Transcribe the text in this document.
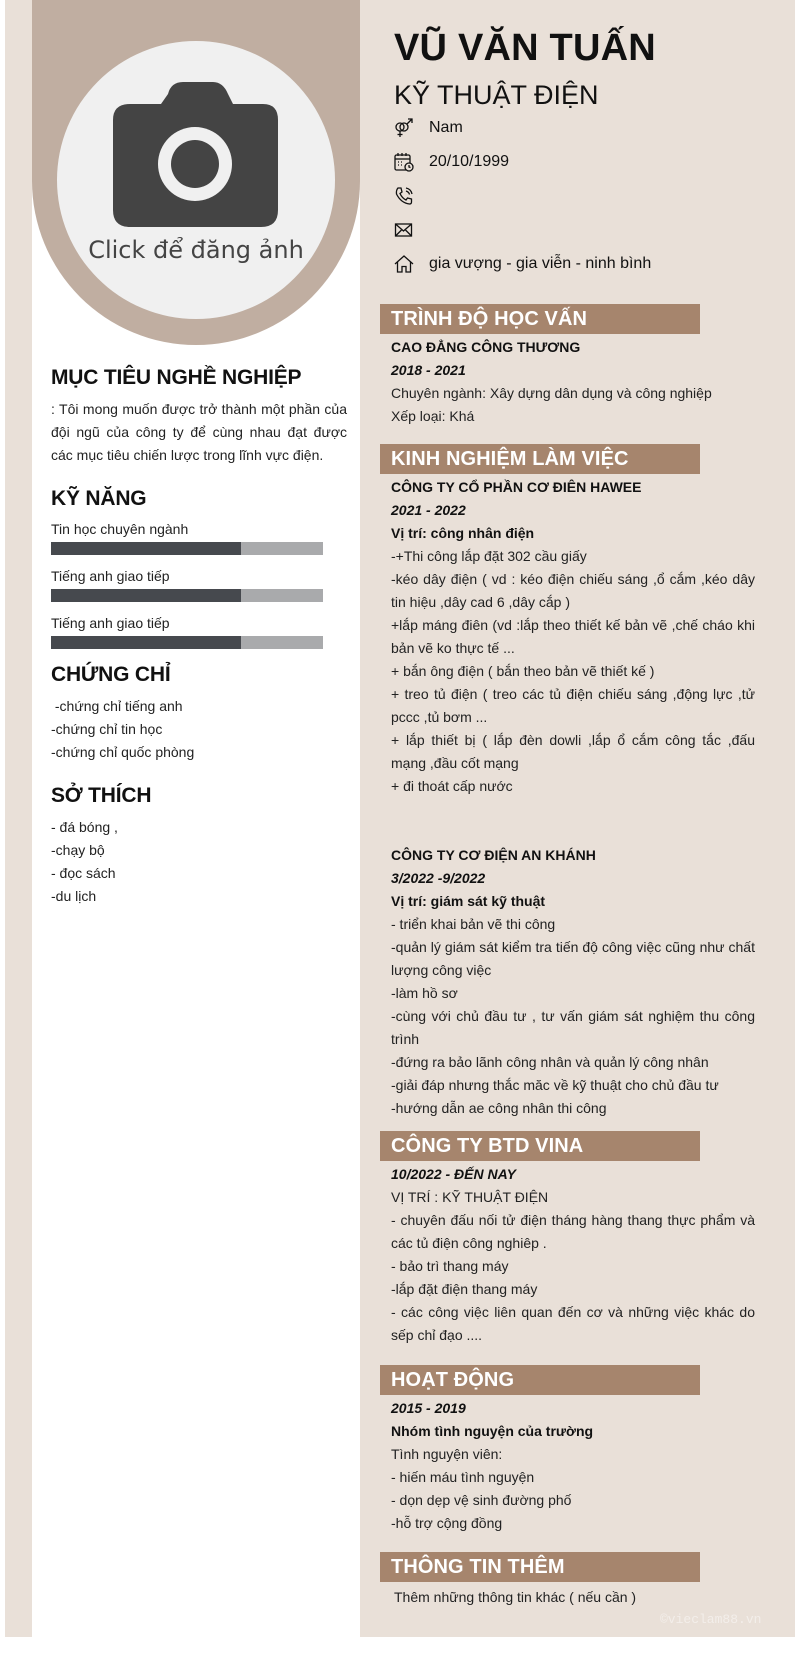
Click để đăng ảnh
MỤC TIÊU NGHỀ NGHIỆP
: Tôi mong muốn được trở thành một phần của đội ngũ của công ty để cùng nhau đạt được các mục tiêu chiến lược trong lĩnh vực điện.
KỸ NĂNG
Tin học chuyên ngành
Tiếng anh giao tiếp
Tiếng anh giao tiếp
CHỨNG CHỈ
-chứng chỉ tiếng anh
-chứng chỉ tin học
-chứng chỉ quốc phòng
SỞ THÍCH
- đá bóng ,
-chạy bộ
- đọc sách
-du lịch
VŨ VĂN TUẤN
KỸ THUẬT ĐIỆN
Nam
20/10/1999
gia vượng - gia viễn - ninh bình
TRÌNH ĐỘ HỌC VẤN
CAO ĐẲNG CÔNG THƯƠNG
2018 - 2021
Chuyên ngành: Xây dựng dân dụng và công nghiệp
Xếp loại: Khá
KINH NGHIỆM LÀM VIỆC
CÔNG TY CỔ PHẦN CƠ ĐIÊN HAWEE
2021 - 2022
Vị trí: công nhân điện
-+Thi công lắp đặt 302 cầu giấy
-kéo dây điện ( vd : kéo điện chiếu sáng ,ổ cắm ,kéo dây tin hiệu ,dây cad 6 ,dây cắp )
+lắp máng điên (vd :lắp theo thiết kế bản vẽ ,chế cháo khi bản vẽ ko thực tế ...
+ bắn ông điện ( bắn theo bản vẽ thiết kế )
+ treo tủ điện ( treo các tủ điện chiếu sáng ,động lực ,tử pccc ,tủ bơm ...
+ lắp thiết bị ( lắp đèn dowli ,lắp ổ cắm công tắc ,đấu mạng ,đầu cốt mạng
+ đi thoát cấp nước
CÔNG TY CƠ ĐIỆN AN KHÁNH
3/2022 -9/2022
Vị trí: giám sát kỹ thuật
- triển khai bản vẽ thi công
-quản lý giám sát kiểm tra tiến độ công việc cũng như chất lượng công việc
-làm hồ sơ
-cùng với chủ đầu tư , tư vấn giám sát nghiệm thu công trình
-đứng ra bảo lãnh công nhân và quản lý công nhân
-giải đáp nhưng thắc măc về kỹ thuật cho chủ đầu tư
-hướng dẫn ae công nhân thi công
CÔNG TY BTD VINA
10/2022 - ĐẾN NAY
VỊ TRÍ : KỸ THUẬT ĐIỆN
- chuyên đấu nối tử điện tháng hàng thang thực phẩm và các tủ điện công nghiêp .
- bảo trì thang máy
-lắp đặt điện thang máy
- các công việc liên quan đến cơ và những việc khác do sếp chỉ đạo ....
HOẠT ĐỘNG
2015 - 2019
Nhóm tình nguyện của trường
Tình nguyện viên:
- hiến máu tình nguyện
- dọn dẹp vệ sinh đường phố
-hỗ trợ cộng đồng
THÔNG TIN THÊM
Thêm những thông tin khác ( nếu cần )
©vieclam88.vn
